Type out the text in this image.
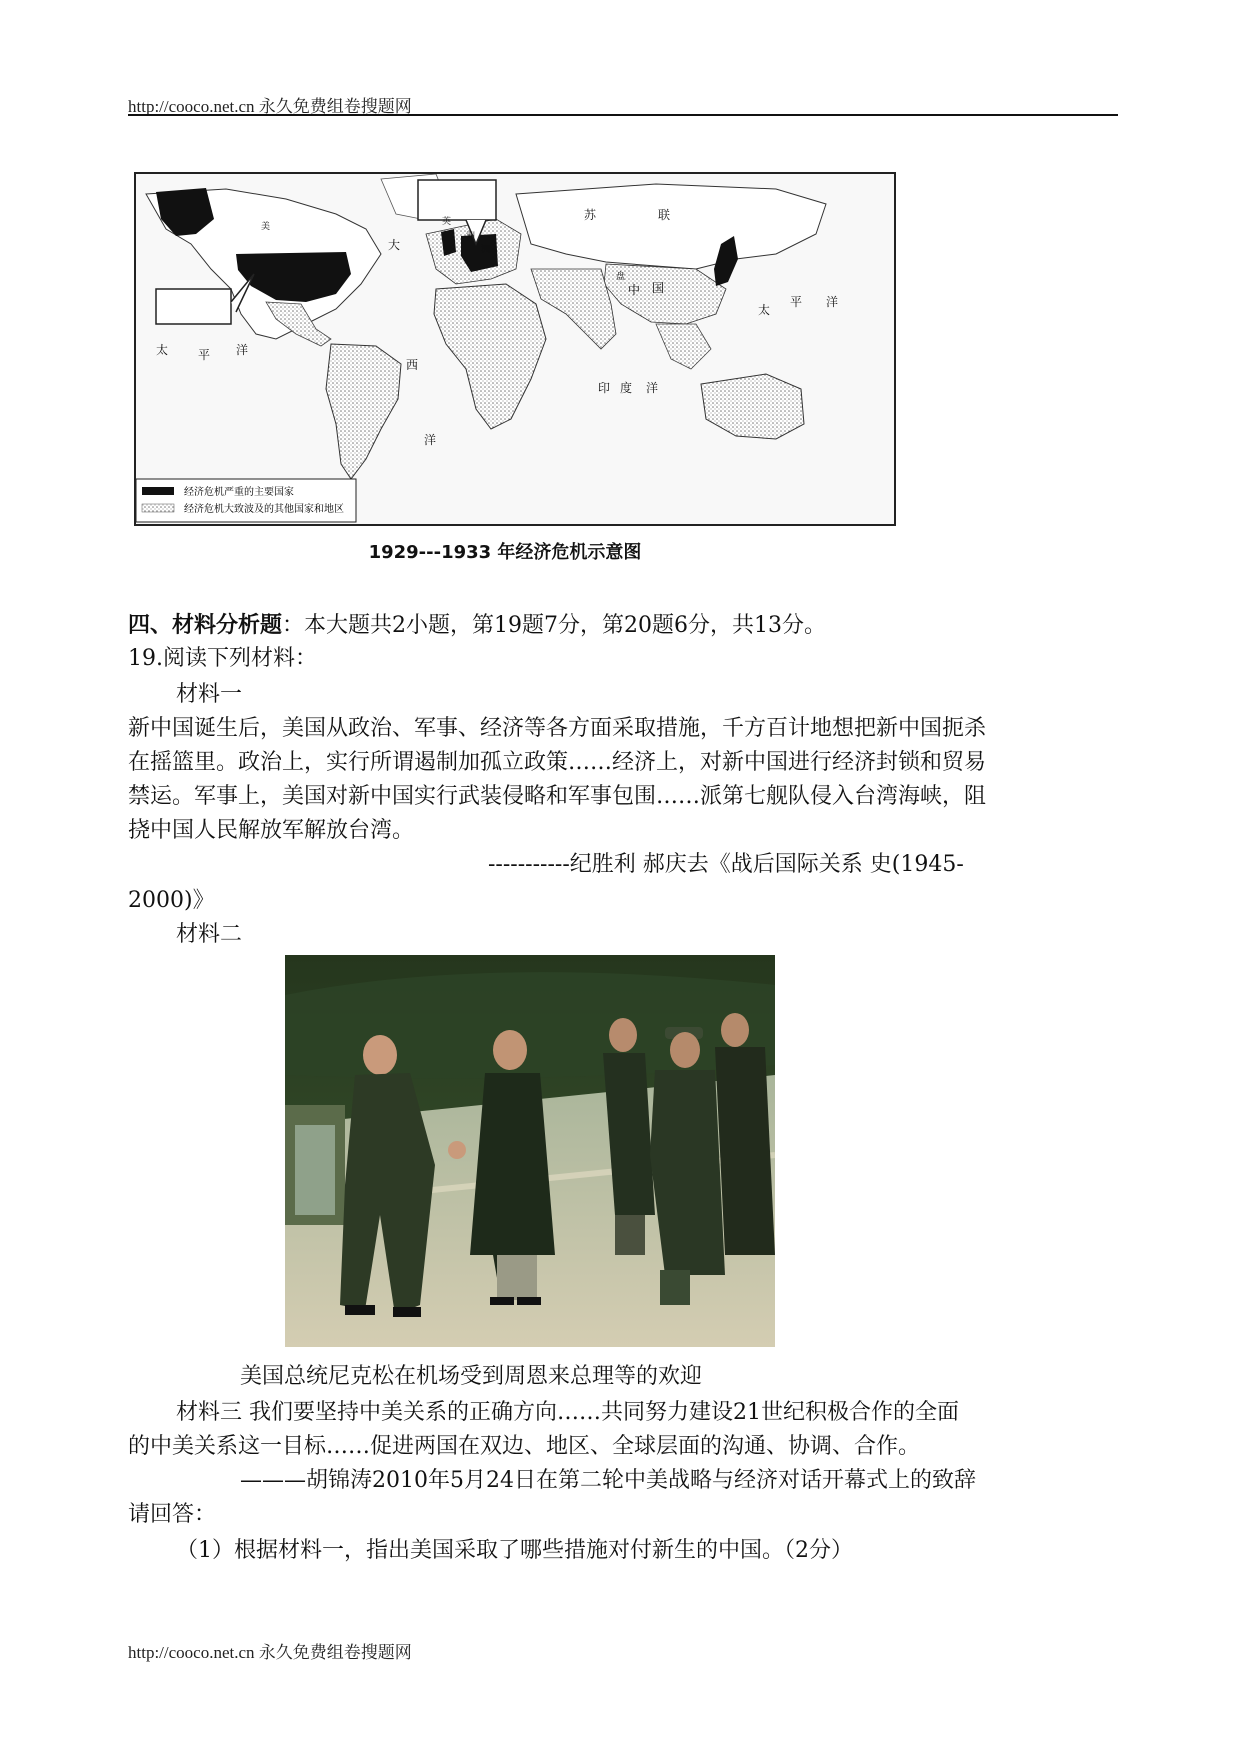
http://cooco.net.cn 永久免费组卷搜题网
苏	联
中 国
太
平 洋
太 平 洋
大
西
洋
印 度 洋
洲
洲
英
美
盘
经济危机严重的主要国家
经济危机大致波及的其他国家和地区
1929---1933 年经济危机示意图
四、材料分析题：本大题共2小题，第19题7分，第20题6分，共13分。
19.阅读下列材料：
材料一
新中国诞生后，美国从政治、军事、经济等各方面采取措施，千方百计地想把新中国扼杀
在摇篮里。政治上，实行所谓遏制加孤立政策……经济上，对新中国进行经济封锁和贸易
禁运。军事上，美国对新中国实行武装侵略和军事包围……派第七舰队侵入台湾海峡，阻
挠中国人民解放军解放台湾。
-----------纪胜利 郝庆去《战后国际关系 史(1945-
2000)》
材料二
美国总统尼克松在机场受到周恩来总理等的欢迎
材料三 我们要坚持中美关系的正确方向……共同努力建设21世纪积极合作的全面
的中美关系这一目标……促进两国在双边、地区、全球层面的沟通、协调、合作。
———胡锦涛2010年5月24日在第二轮中美战略与经济对话开幕式上的致辞
请回答：
（1）根据材料一，指出美国采取了哪些措施对付新生的中国。（2分）
http://cooco.net.cn 永久免费组卷搜题网
